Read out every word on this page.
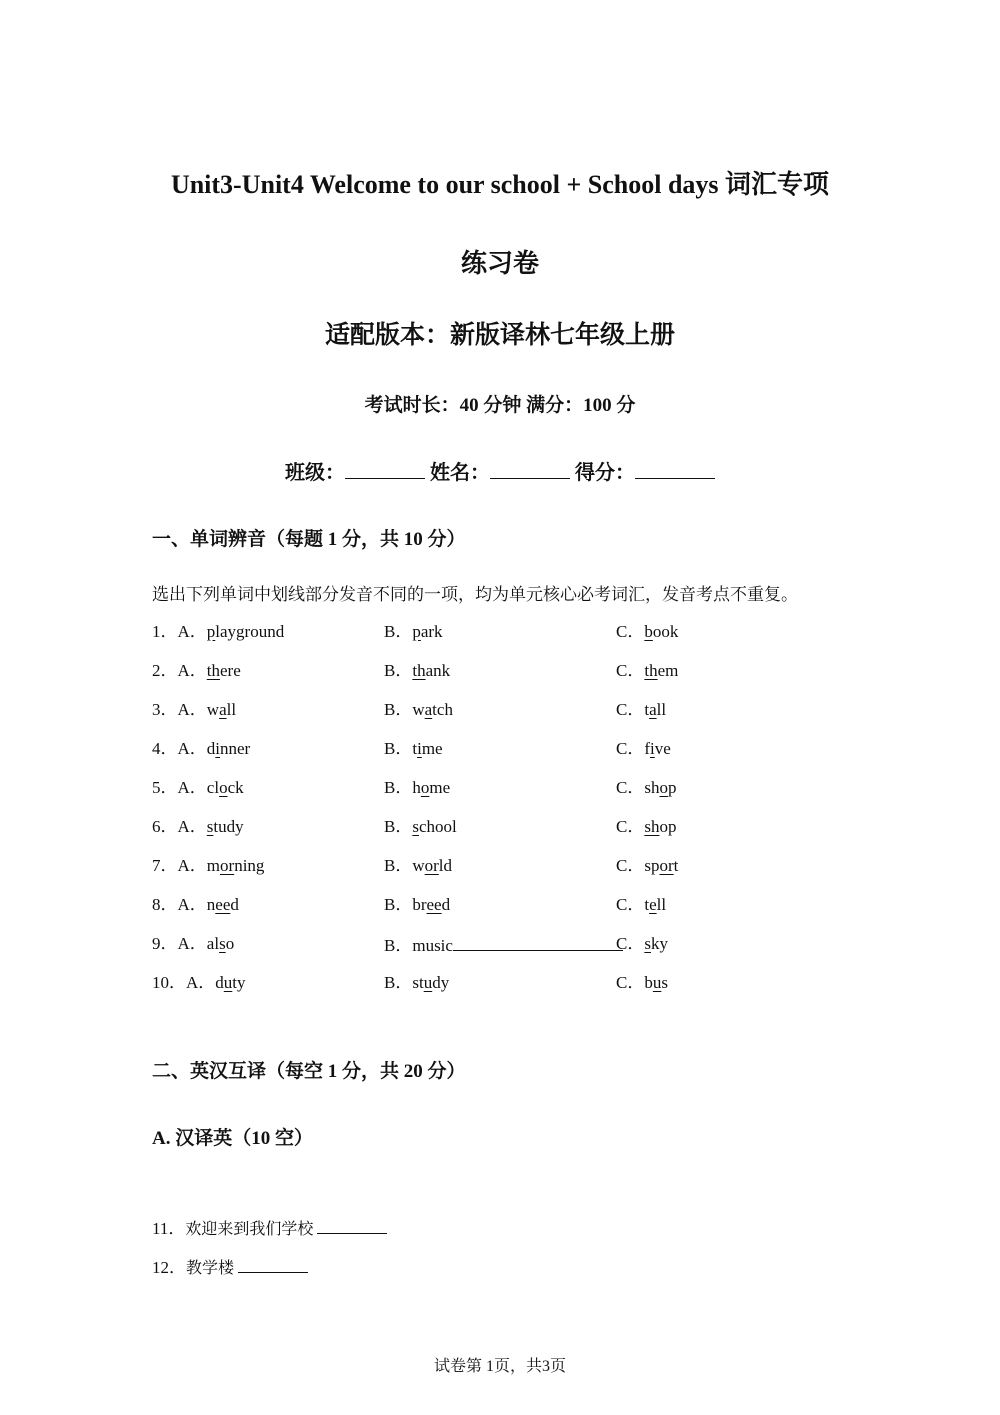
Unit3-Unit4 Welcome to our school + School days 词汇专项
练习卷
适配版本：新版译林七年级上册
考试时长：40 分钟 满分：100 分
班级：	姓名：	得分：
一、单词辨音（每题 1 分，共 10 分）
选出下列单词中划线部分发音不同的一项，均为单元核心必考词汇，发音考点不重复。
1．A．playground	B．park	C．book
2．A．there	B．thank	C．them
3．A．wall	B．watch	C．tall
4．A．dinner	B．time	C．five
5．A．clock	B．home	C．shop
6．A．study	B．school	C．shop
7．A．morning	B．world	C．sport
8．A．need	B．breed	C．tell
9．A．also	B．music	C．sky
10．A．duty	B．study	C．bus
二、英汉互译（每空 1 分，共 20 分）
A. 汉译英（10 空）
11．欢迎来到我们学校
12．教学楼
试卷第 1页，共3页
